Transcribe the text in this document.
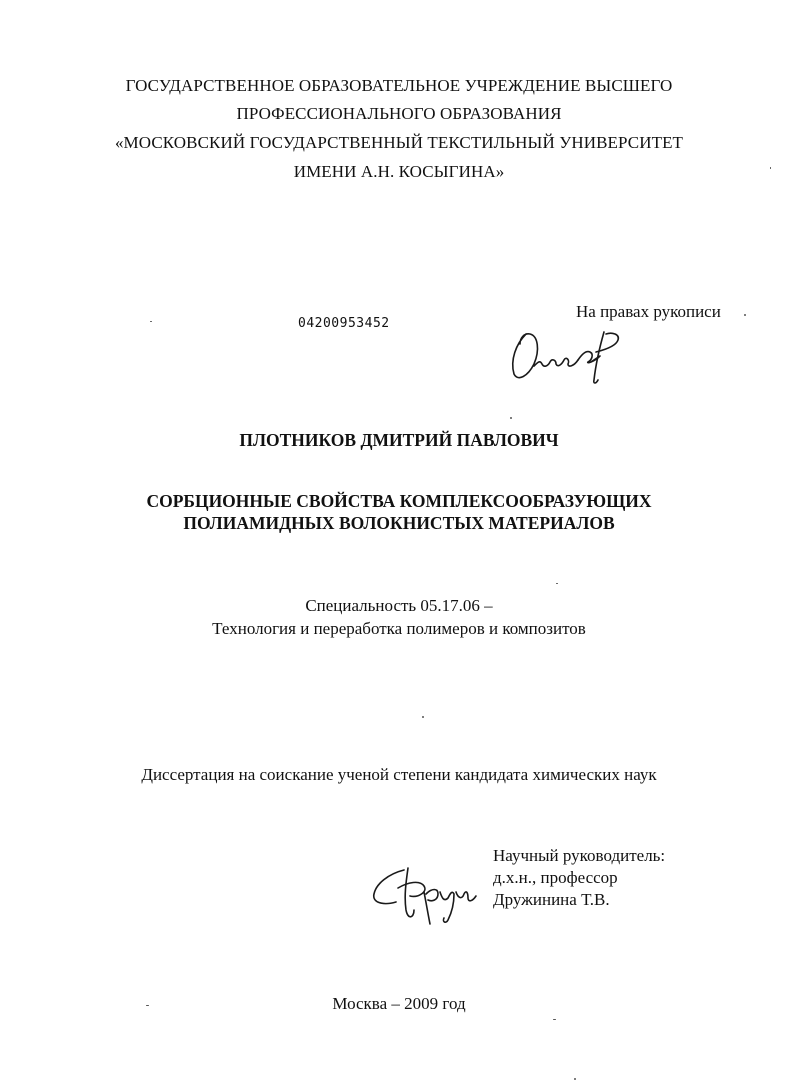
ГОСУДАРСТВЕННОЕ ОБРАЗОВАТЕЛЬНОЕ УЧРЕЖДЕНИЕ ВЫСШЕГО
ПРОФЕССИОНАЛЬНОГО ОБРАЗОВАНИЯ
«МОСКОВСКИЙ ГОСУДАРСТВЕННЫЙ ТЕКСТИЛЬНЫЙ УНИВЕРСИТЕТ
ИМЕНИ А.Н. КОСЫГИНА»
04200953452
На правах рукописи
ПЛОТНИКОВ ДМИТРИЙ ПАВЛОВИЧ
СОРБЦИОННЫЕ СВОЙСТВА КОМПЛЕКСООБРАЗУЮЩИХ
ПОЛИАМИДНЫХ ВОЛОКНИСТЫХ МАТЕРИАЛОВ
Специальность 05.17.06 –
Технология и переработка полимеров и композитов
Диссертация на соискание ученой степени кандидата химических наук
Научный руководитель:
д.х.н., профессор
Дружинина Т.В.
Москва – 2009 год
